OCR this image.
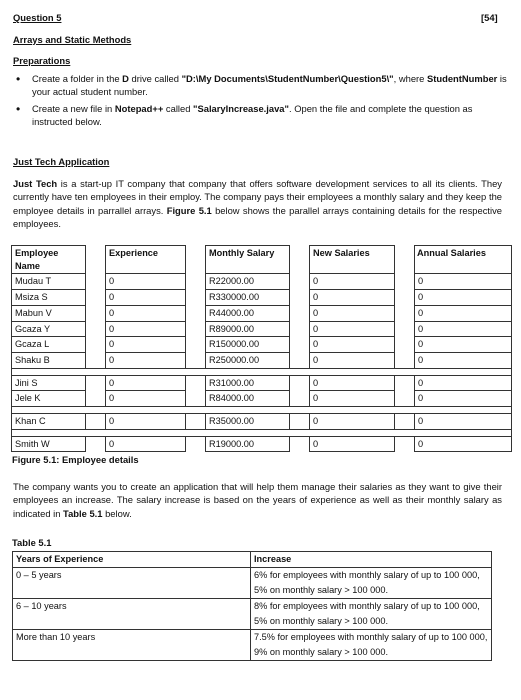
Question 5	[54]
Arrays and Static Methods
Preparations
• Create a folder in the D drive called "D:\My Documents\StudentNumber\Question5\", where StudentNumber is your actual student number.
• Create a new file in Notepad++ called "SalaryIncrease.java". Open the file and complete the question as instructed below.
Just Tech Application

Just Tech is a start-up IT company that company that offers software development services to all its clients. They currently have ten employees in their employ. The company pays their employees a monthly salary and they keep the employee details in parrallel arrays. Figure 5.1 below shows the parallel arrays containing details for the respective employees.

Employee Name		Experience		Monthly Salary		New Salaries		Annual Salaries
Mudau T		0		R22000.00		0		0
Msiza S		0		R330000.00		0		0
Mabun V		0		R44000.00		0		0
Gcaza Y		0		R89000.00		0		0
Gcaza L		0		R150000.00		0		0
Shaku B		0		R250000.00		0		0

Jini S		0		R31000.00		0		0
Jele K		0		R84000.00		0		0

Khan C		0		R35000.00		0		0

Smith W		0		R19000.00		0		0
Figure 5.1: Employee details

The company wants you to create an application that will help them manage their salaries as they want to give their employees an increase. The salary increase is based on the years of experience as well as their monthly salary as indicated in Table 5.1 below.

Table 5.1
Years of Experience	Increase
0 – 5 years	6% for employees with monthly salary of up to 100 000, 5% on monthly salary > 100 000.
6 – 10 years	8% for employees with monthly salary of up to 100 000, 5% on monthly salary > 100 000.
More than 10 years	7.5% for employees with monthly salary of up to 100 000, 9% on monthly salary > 100 000.
